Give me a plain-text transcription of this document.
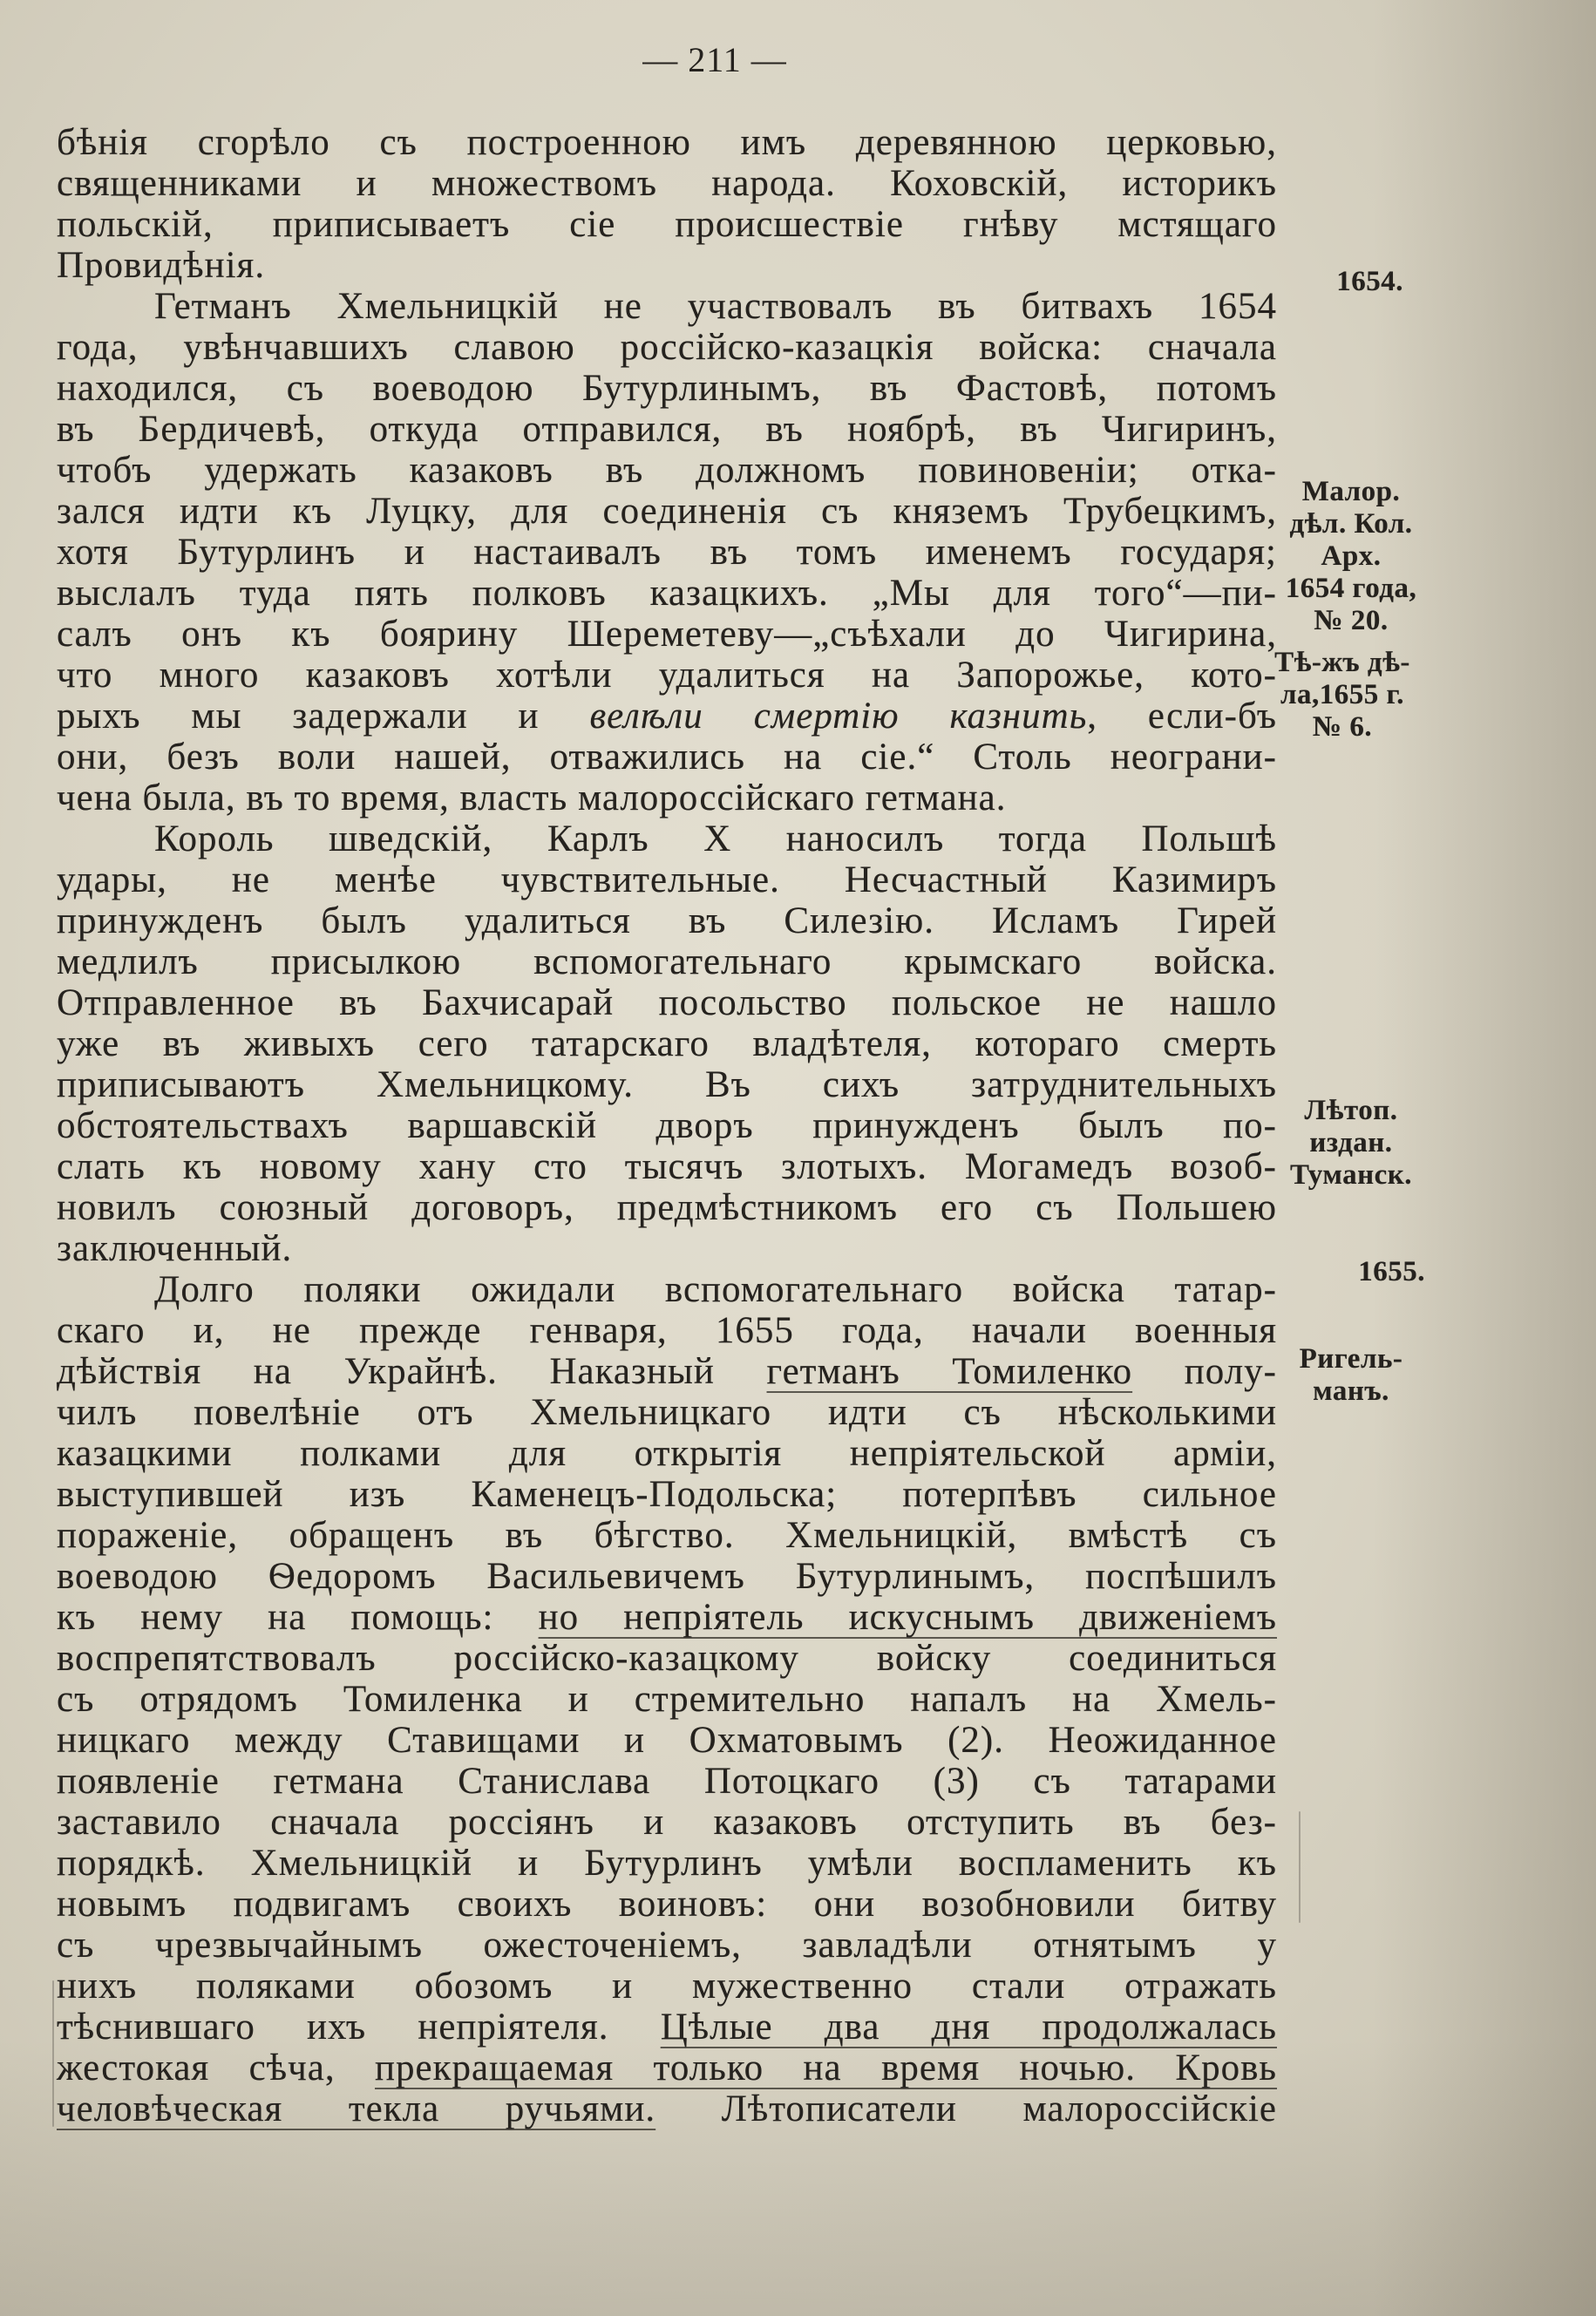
— 211 —
бѣнія сгорѣло съ построенною имъ деревянною церковью,
священниками и множествомъ народа. Коховскій, историкъ
польскій, приписываетъ сіе происшествіе гнѣву мстящаго
Провидѣнія.
Гетманъ Хмельницкій не участвовалъ въ битвахъ 1654
года, увѣнчавшихъ славою россійско-казацкія войска: сначала
находился, съ воеводою Бутурлинымъ, въ Фастовѣ, потомъ
въ Бердичевѣ, откуда отправился, въ ноябрѣ, въ Чигиринъ,
чтобъ удержать казаковъ въ должномъ повиновеніи; отка-
зался идти къ Луцку, для соединенія съ княземъ Трубецкимъ,
хотя Бутурлинъ и настаивалъ въ томъ именемъ государя;
выслалъ туда пять полковъ казацкихъ. „Мы для того“—пи-
салъ онъ къ боярину Шереметеву—„съѣхали до Чигирина,
что много казаковъ хотѣли удалиться на Запорожье, кото-
рыхъ мы задержали и велѣли смертію казнить, если-бъ
они, безъ воли нашей, отважились на сіе.“ Столь неограни-
чена была, въ то время, власть малороссійскаго гетмана.
Король шведскій, Карлъ X наносилъ тогда Польшѣ
удары, не менѣе чувствительные. Несчастный Казимиръ
принужденъ былъ удалиться въ Силезію. Исламъ Гирей
медлилъ присылкою вспомогательнаго крымскаго войска.
Отправленное въ Бахчисарай посольство польское не нашло
уже въ живыхъ сего татарскаго владѣтеля, котораго смерть
приписываютъ Хмельницкому. Въ сихъ затруднительныхъ
обстоятельствахъ варшавскій дворъ принужденъ былъ по-
слать къ новому хану сто тысячъ злотыхъ. Могамедъ возоб-
новилъ союзный договоръ, предмѣстникомъ его съ Польшею
заключенный.
Долго поляки ожидали вспомогательнаго войска татар-
скаго и, не прежде генваря, 1655 года, начали военныя
дѣйствія на Украйнѣ. Наказный гетманъ Томиленко полу-
чилъ повелѣніе отъ Хмельницкаго идти съ нѣсколькими
казацкими полками для открытія непріятельской арміи,
выступившей изъ Каменецъ-Подольска; потерпѣвъ сильное
пораженіе, обращенъ въ бѣгство. Хмельницкій, вмѣстѣ съ
воеводою Ѳедоромъ Васильевичемъ Бутурлинымъ, поспѣшилъ
къ нему на помощь: но непріятель искуснымъ движеніемъ
воспрепятствовалъ россійско-казацкому войску соединиться
съ отрядомъ Томиленка и стремительно напалъ на Хмель-
ницкаго между Ставищами и Охматовымъ (2). Неожиданное
появленіе гетмана Станислава Потоцкаго (3) съ татарами
заставило сначала россіянъ и казаковъ отступить въ без-
порядкѣ. Хмельницкій и Бутурлинъ умѣли воспламенить къ
новымъ подвигамъ своихъ воиновъ: они возобновили битву
съ чрезвычайнымъ ожесточеніемъ, завладѣли отнятымъ у
нихъ поляками обозомъ и мужественно стали отражать
тѣснившаго ихъ непріятеля. Цѣлые два дня продолжалась
жестокая сѣча, прекращаемая только на время ночью. Кровь
человѣческая текла ручьями. Лѣтописатели малороссійскіе
1654.
Малор.
дѣл. Кол.
Арх.
1654 года,
№ 20.
Тѣ-жъ дѣ-
ла,1655 г.
№ 6.
Лѣтоп.
издан.
Туманск.
1655.
Ригель-
манъ.
